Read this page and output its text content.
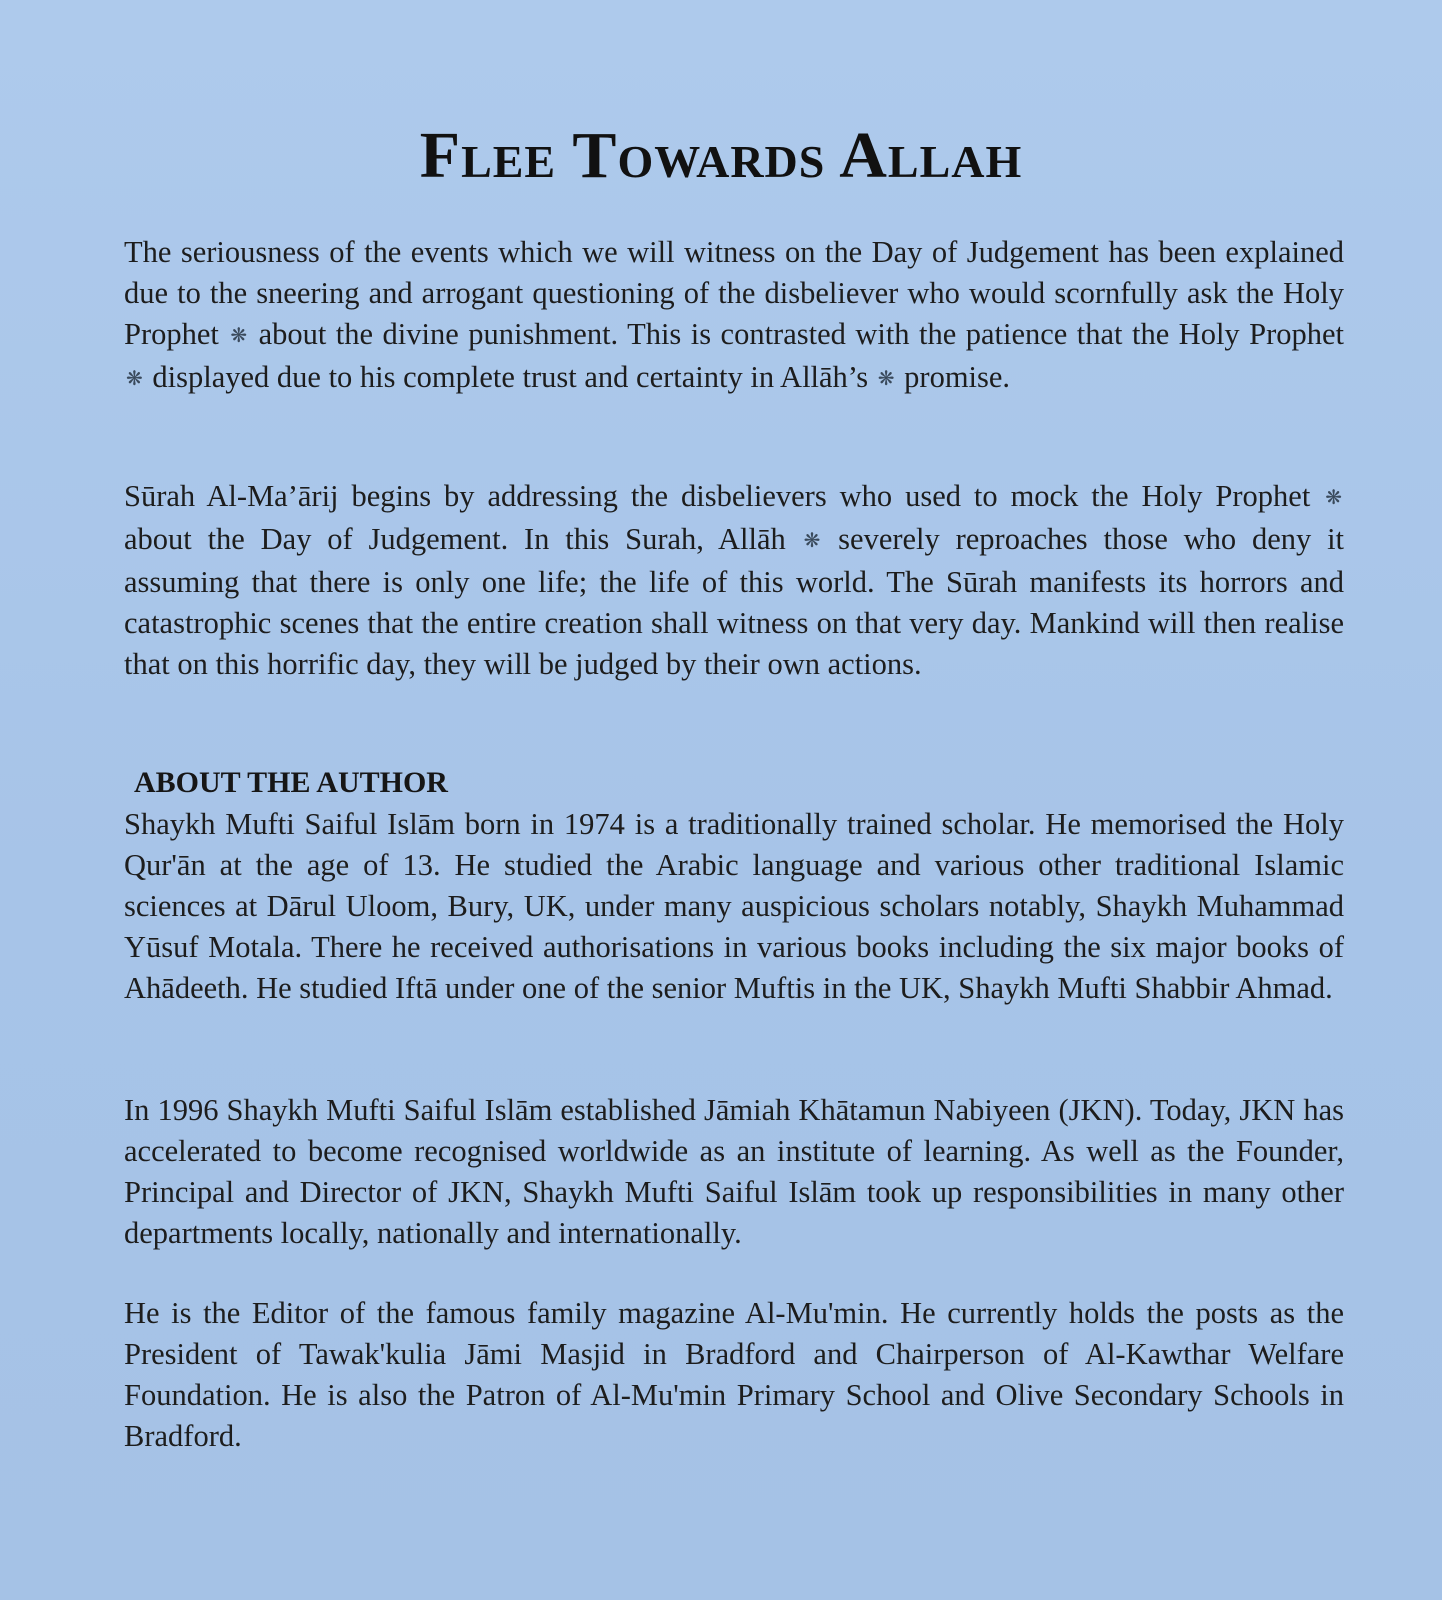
Flee Towards Allah

The seriousness of the events which we will witness on the Day of Judgement has been explained due to the sneering and arrogant questioning of the disbeliever who would scornfully ask the Holy Prophet ❋ about the divine punishment. This is contrasted with the patience that the Holy Prophet ❋ displayed due to his complete trust and certainty in Allāh’s ❋ promise.

Sūrah Al-Ma’ārij begins by addressing the disbelievers who used to mock the Holy Prophet ❋ about the Day of Judgement. In this Surah, Allāh ❋ severely reproaches those who deny it assuming that there is only one life; the life of this world. The Sūrah manifests its horrors and catastrophic scenes that the entire creation shall witness on that very day. Mankind will then realise that on this horrific day, they will be judged by their own actions.

ABOUT THE AUTHOR

Shaykh Mufti Saiful Islām born in 1974 is a traditionally trained scholar. He memorised the Holy Qur'ān at the age of 13. He studied the Arabic language and various other traditional Islamic sciences at Dārul Uloom, Bury, UK, under many auspicious scholars notably, Shaykh Muhammad Yūsuf Motala. There he received authorisations in various books including the six major books of Ahādeeth. He studied Iftā under one of the senior Muftis in the UK, Shaykh Mufti Shabbir Ahmad.

In 1996 Shaykh Mufti Saiful Islām established Jāmiah Khātamun Nabiyeen (JKN). Today, JKN has accelerated to become recognised worldwide as an institute of learning. As well as the Founder, Principal and Director of JKN, Shaykh Mufti Saiful Islām took up responsibilities in many other departments locally, nationally and internationally.

He is the Editor of the famous family magazine Al-Mu'min. He currently holds the posts as the President of Tawak'kulia Jāmi Masjid in Bradford and Chairperson of Al-Kawthar Welfare Foundation. He is also the Patron of Al-Mu'min Primary School and Olive Secondary Schools in Bradford.
